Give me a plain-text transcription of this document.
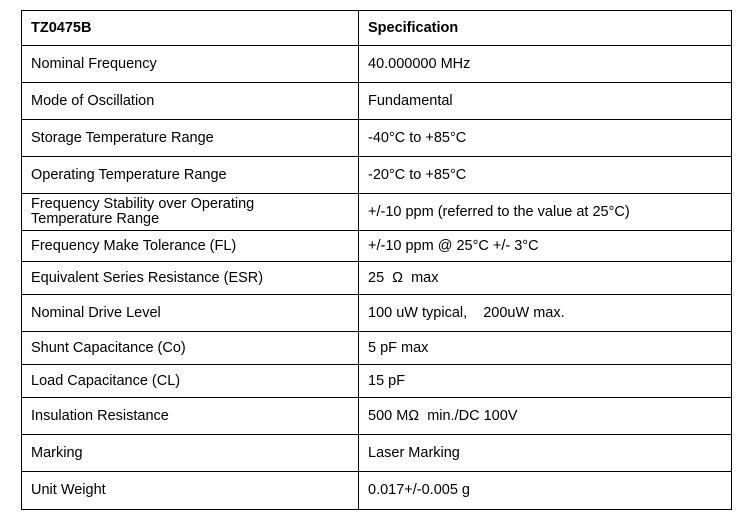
TZ0475B	Specification
Nominal Frequency	40.000000 MHz
Mode of Oscillation	Fundamental
Storage Temperature Range	-40°C to +85°C
Operating Temperature Range	-20°C to +85°C

Frequency Stability over Operating Temperature Range	+/-10 ppm (referred to the value at 25°C)
Frequency Make Tolerance (FL)	+/-10 ppm @ 25°C +/- 3°C
Equivalent Series Resistance (ESR)	25  Ω  max
Nominal Drive Level	100 uW typical,    200uW max.
Shunt Capacitance (Co)	5 pF max
Load Capacitance (CL)	15 pF
Insulation Resistance	500 MΩ  min./DC 100V
Marking	Laser Marking
Unit Weight	0.017+/-0.005 g
